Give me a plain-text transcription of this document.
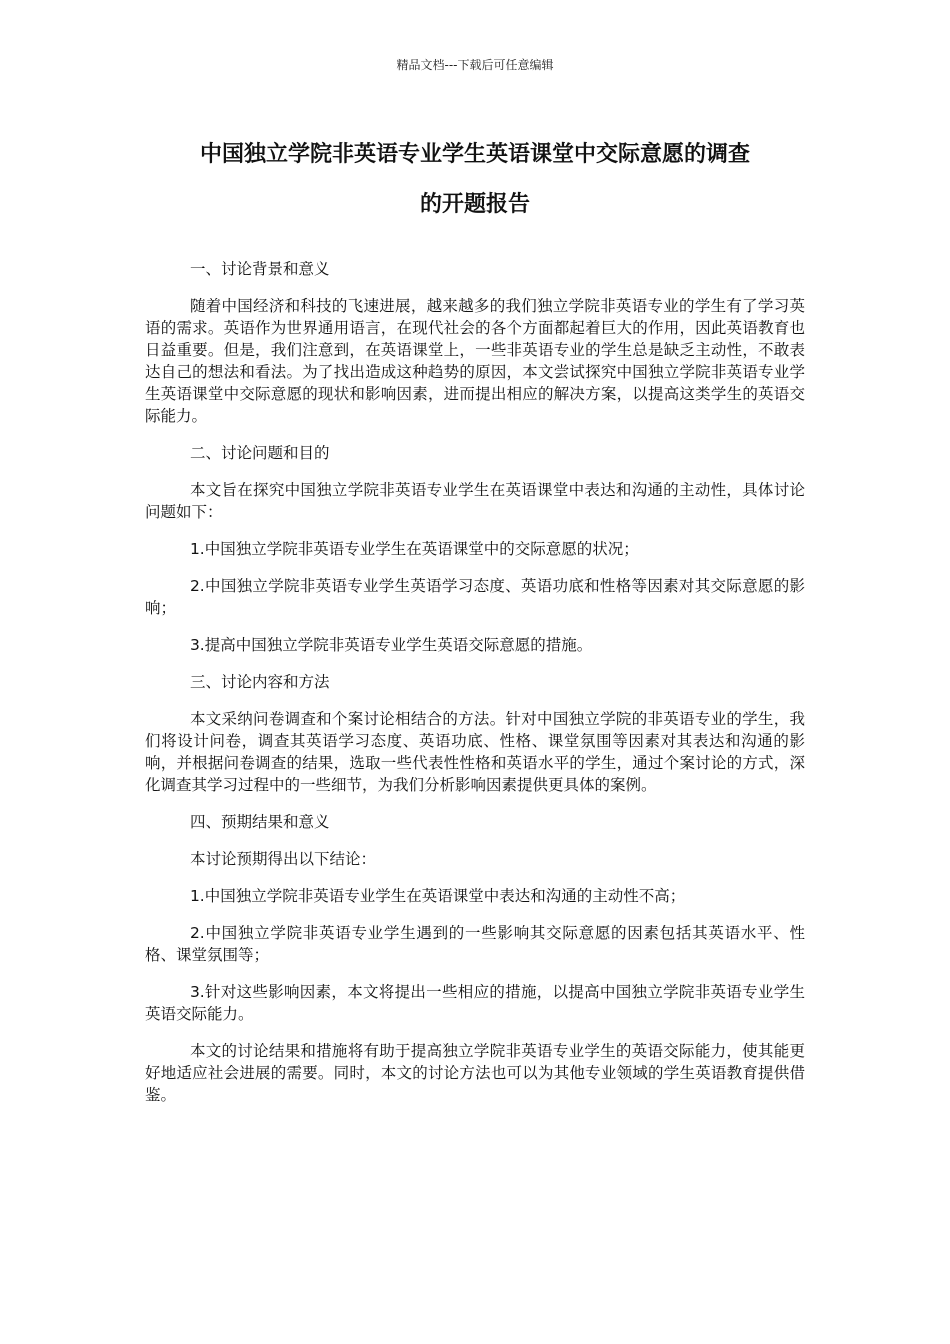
精品文档---下载后可任意编辑
中国独立学院非英语专业学生英语课堂中交际意愿的调查
的开题报告

一、讨论背景和意义

随着中国经济和科技的飞速进展，越来越多的我们独立学院非英语专业的学生有了学习英语的需求。英语作为世界通用语言，在现代社会的各个方面都起着巨大的作用，因此英语教育也日益重要。但是，我们注意到，在英语课堂上，一些非英语专业的学生总是缺乏主动性，不敢表达自己的想法和看法。为了找出造成这种趋势的原因，本文尝试探究中国独立学院非英语专业学生英语课堂中交际意愿的现状和影响因素，进而提出相应的解决方案，以提高这类学生的英语交际能力。

二、讨论问题和目的

本文旨在探究中国独立学院非英语专业学生在英语课堂中表达和沟通的主动性，具体讨论问题如下：

1.中国独立学院非英语专业学生在英语课堂中的交际意愿的状况；

2.中国独立学院非英语专业学生英语学习态度、英语功底和性格等因素对其交际意愿的影响；

3.提高中国独立学院非英语专业学生英语交际意愿的措施。

三、讨论内容和方法

本文采纳问卷调查和个案讨论相结合的方法。针对中国独立学院的非英语专业的学生，我们将设计问卷，调查其英语学习态度、英语功底、性格、课堂氛围等因素对其表达和沟通的影响，并根据问卷调查的结果，选取一些代表性性格和英语水平的学生，通过个案讨论的方式，深化调查其学习过程中的一些细节，为我们分析影响因素提供更具体的案例。

四、预期结果和意义

本讨论预期得出以下结论：

1.中国独立学院非英语专业学生在英语课堂中表达和沟通的主动性不高；

2.中国独立学院非英语专业学生遇到的一些影响其交际意愿的因素包括其英语水平、性格、课堂氛围等；

3.针对这些影响因素，本文将提出一些相应的措施，以提高中国独立学院非英语专业学生英语交际能力。

本文的讨论结果和措施将有助于提高独立学院非英语专业学生的英语交际能力，使其能更好地适应社会进展的需要。同时，本文的讨论方法也可以为其他专业领域的学生英语教育提供借鉴。
